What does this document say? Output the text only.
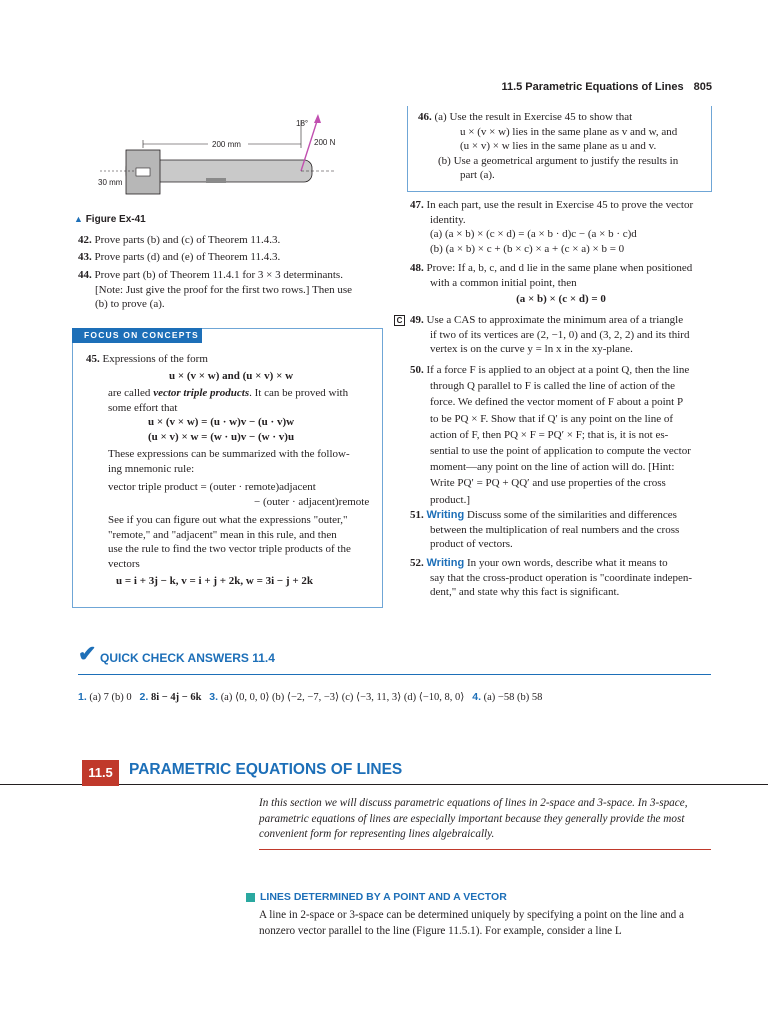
11.5 Parametric Equations of Lines 805
200 mm
30 mm
18°
200 N
▲ Figure Ex-41
42. Prove parts (b) and (c) of Theorem 11.4.3.
43. Prove parts (d) and (e) of Theorem 11.4.3.
44. Prove part (b) of Theorem 11.4.1 for 3 × 3 determinants.
[Note: Just give the proof for the first two rows.] Then use
(b) to prove (a).
FOCUS ON CONCEPTS
45. Expressions of the form
u × (v × w) and (u × v) × w
are called vector triple products. It can be proved with
some effort that
u × (v × w) = (u · w)v − (u · v)w
(u × v) × w = (w · u)v − (w · v)u
These expressions can be summarized with the follow-
ing mnemonic rule:
vector triple product = (outer · remote)adjacent
− (outer · adjacent)remote
See if you can figure out what the expressions "outer,"
"remote," and "adjacent" mean in this rule, and then
use the rule to find the two vector triple products of the
vectors
u = i + 3j − k, v = i + j + 2k, w = 3i − j + 2k
46. (a) Use the result in Exercise 45 to show that
u × (v × w) lies in the same plane as v and w, and
(u × v) × w lies in the same plane as u and v.
(b) Use a geometrical argument to justify the results in
part (a).
47. In each part, use the result in Exercise 45 to prove the vector
identity.
(a) (a × b) × (c × d) = (a × b · d)c − (a × b · c)d
(b) (a × b) × c + (b × c) × a + (c × a) × b = 0
48. Prove: If a, b, c, and d lie in the same plane when positioned
with a common initial point, then
(a × b) × (c × d) = 0
C 49. Use a CAS to approximate the minimum area of a triangle
if two of its vertices are (2, −1, 0) and (3, 2, 2) and its third
vertex is on the curve y = ln x in the xy-plane.
50. If a force F is applied to an object at a point Q, then the line
through Q parallel to F is called the line of action of the
force. We defined the vector moment of F about a point P
to be PQ × F. Show that if Q′ is any point on the line of
action of F, then PQ × F = PQ′ × F; that is, it is not es-
sential to use the point of application to compute the vector
moment—any point on the line of action will do. [Hint:
Write PQ′ = PQ + QQ′ and use properties of the cross
product.]
51. Writing Discuss some of the similarities and differences
between the multiplication of real numbers and the cross
product of vectors.
52. Writing In your own words, describe what it means to
say that the cross-product operation is "coordinate indepen-
dent," and state why this fact is significant.
✔ QUICK CHECK ANSWERS 11.4
1. (a) 7 (b) 0 2. 8i − 4j − 6k 3. (a) ⟨0, 0, 0⟩ (b) ⟨−2, −7, −3⟩ (c) ⟨−3, 11, 3⟩ (d) ⟨−10, 8, 0⟩ 4. (a) −58 (b) 58
11.5	PARAMETRIC EQUATIONS OF LINES
In this section we will discuss parametric equations of lines in 2-space and 3-space. In 3-space, parametric equations of lines are especially important because they generally provide the most convenient form for representing lines algebraically.
LINES DETERMINED BY A POINT AND A VECTOR
A line in 2-space or 3-space can be determined uniquely by specifying a point on the line and a nonzero vector parallel to the line (Figure 11.5.1). For example, consider a line L
